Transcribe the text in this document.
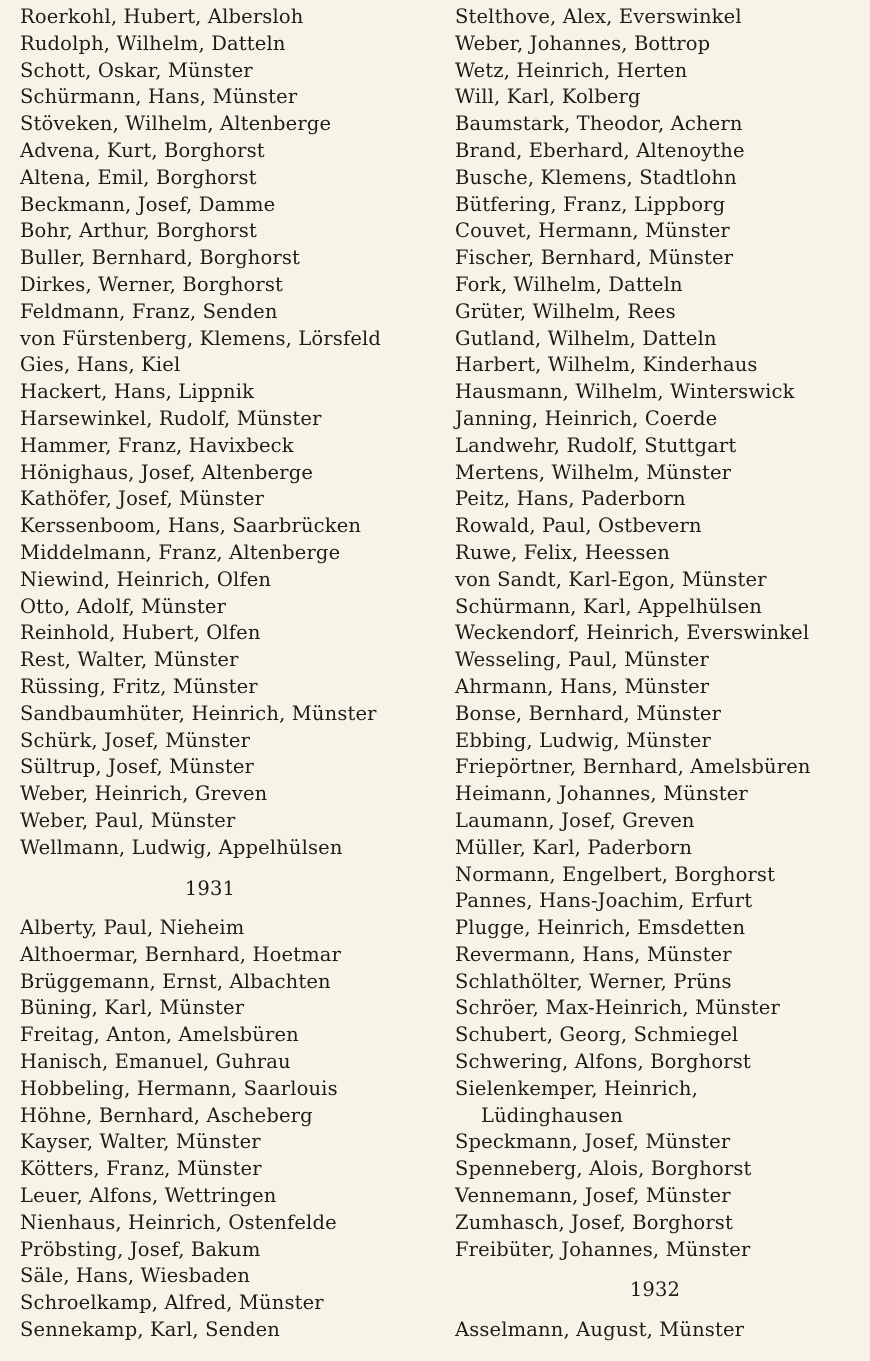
Roerkohl, Hubert, Albersloh
Rudolph, Wilhelm, Datteln
Schott, Oskar, Münster
Schürmann, Hans, Münster
Stöveken, Wilhelm, Altenberge
Advena, Kurt, Borghorst
Altena, Emil, Borghorst
Beckmann, Josef, Damme
Bohr, Arthur, Borghorst
Buller, Bernhard, Borghorst
Dirkes, Werner, Borghorst
Feldmann, Franz, Senden
von Fürstenberg, Klemens, Lörsfeld
Gies, Hans, Kiel
Hackert, Hans, Lippnik
Harsewinkel, Rudolf, Münster
Hammer, Franz, Havixbeck
Hönighaus, Josef, Altenberge
Kathöfer, Josef, Münster
Kerssenboom, Hans, Saarbrücken
Middelmann, Franz, Altenberge
Niewind, Heinrich, Olfen
Otto, Adolf, Münster
Reinhold, Hubert, Olfen
Rest, Walter, Münster
Rüssing, Fritz, Münster
Sandbaumhüter, Heinrich, Münster
Schürk, Josef, Münster
Sültrup, Josef, Münster
Weber, Heinrich, Greven
Weber, Paul, Münster
Wellmann, Ludwig, Appelhülsen
1931
Alberty, Paul, Nieheim
Althoermar, Bernhard, Hoetmar
Brüggemann, Ernst, Albachten
Büning, Karl, Münster
Freitag, Anton, Amelsbüren
Hanisch, Emanuel, Guhrau
Hobbeling, Hermann, Saarlouis
Höhne, Bernhard, Ascheberg
Kayser, Walter, Münster
Kötters, Franz, Münster
Leuer, Alfons, Wettringen
Nienhaus, Heinrich, Ostenfelde
Pröbsting, Josef, Bakum
Säle, Hans, Wiesbaden
Schroelkamp, Alfred, Münster
Sennekamp, Karl, Senden
Stelthove, Alex, Everswinkel
Weber, Johannes, Bottrop
Wetz, Heinrich, Herten
Will, Karl, Kolberg
Baumstark, Theodor, Achern
Brand, Eberhard, Altenoythe
Busche, Klemens, Stadtlohn
Bütfering, Franz, Lippborg
Couvet, Hermann, Münster
Fischer, Bernhard, Münster
Fork, Wilhelm, Datteln
Grüter, Wilhelm, Rees
Gutland, Wilhelm, Datteln
Harbert, Wilhelm, Kinderhaus
Hausmann, Wilhelm, Winterswick
Janning, Heinrich, Coerde
Landwehr, Rudolf, Stuttgart
Mertens, Wilhelm, Münster
Peitz, Hans, Paderborn
Rowald, Paul, Ostbevern
Ruwe, Felix, Heessen
von Sandt, Karl-Egon, Münster
Schürmann, Karl, Appelhülsen
Weckendorf, Heinrich, Everswinkel
Wesseling, Paul, Münster
Ahrmann, Hans, Münster
Bonse, Bernhard, Münster
Ebbing, Ludwig, Münster
Friepörtner, Bernhard, Amelsbüren
Heimann, Johannes, Münster
Laumann, Josef, Greven
Müller, Karl, Paderborn
Normann, Engelbert, Borghorst
Pannes, Hans-Joachim, Erfurt
Plugge, Heinrich, Emsdetten
Revermann, Hans, Münster
Schlathölter, Werner, Prüns
Schröer, Max-Heinrich, Münster
Schubert, Georg, Schmiegel
Schwering, Alfons, Borghorst
Sielenkemper, Heinrich,
Lüdinghausen
Speckmann, Josef, Münster
Spenneberg, Alois, Borghorst
Vennemann, Josef, Münster
Zumhasch, Josef, Borghorst
Freibüter, Johannes, Münster
1932
Asselmann, August, Münster
